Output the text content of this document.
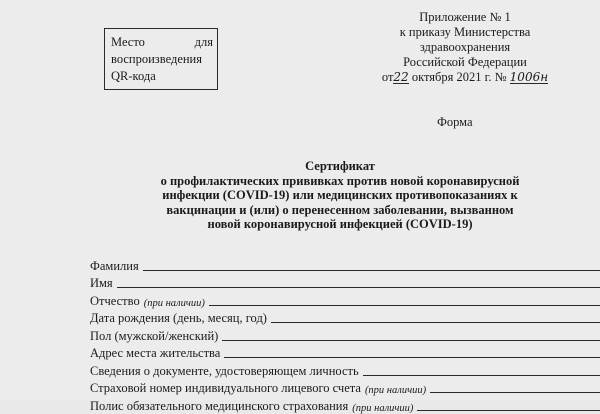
Место	для
воспроизведения
QR-кода
Приложение № 1
к приказу Министерства
здравоохранения
Российской Федерации
от22 октября 2021 г. № 1006н
Форма
Сертификат
о профилактических прививках против новой коронавирусной
инфекции (COVID-19) или медицинских противопоказаниях к
вакцинации и (или) о перенесенном заболевании, вызванном
новой коронавирусной инфекцией (COVID-19)
Фамилия
Имя
Отчество (при наличии)
Дата рождения (день, месяц, год)
Пол (мужской/женский)
Адрес места жительства
Сведения о документе, удостоверяющем личность
Страховой номер индивидуального лицевого счета (при наличии)
Полис обязательного медицинского страхования (при наличии)
